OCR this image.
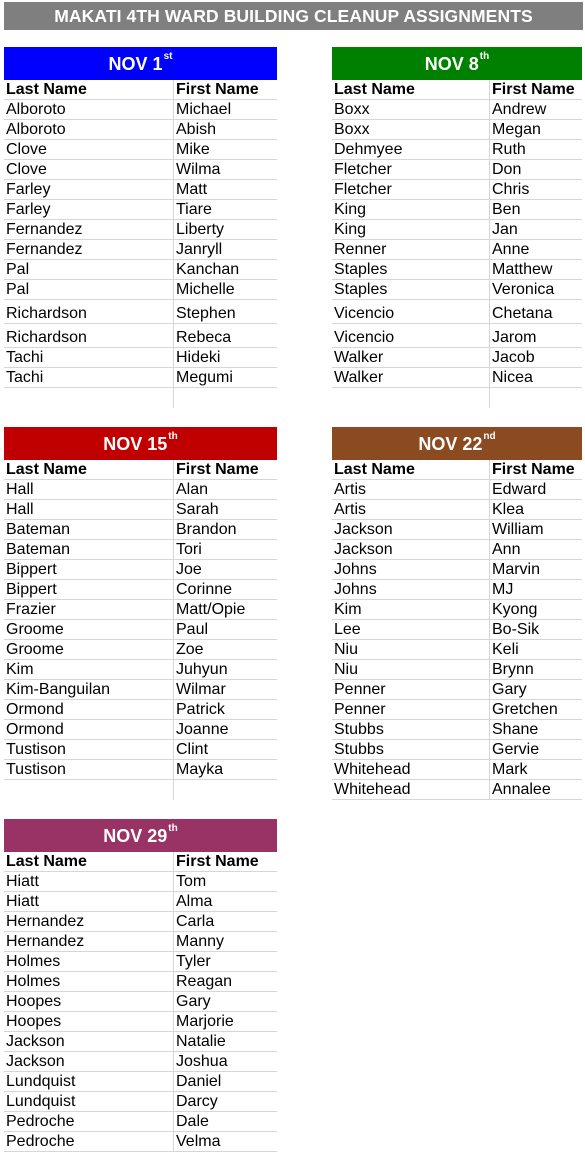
MAKATI 4TH WARD BUILDING CLEANUP ASSIGNMENTS
NOV 1st
Last Name	First Name
Alboroto	Michael
Alboroto	Abish
Clove	Mike
Clove	Wilma
Farley	Matt
Farley	Tiare
Fernandez	Liberty
Fernandez	Janryll
Pal	Kanchan
Pal	Michelle
Richardson	Stephen
Richardson	Rebeca
Tachi	Hideki
Tachi	Megumi
NOV 8th
Last Name	First Name
Boxx	Andrew
Boxx	Megan
Dehmyee	Ruth
Fletcher	Don
Fletcher	Chris
King	Ben
King	Jan
Renner	Anne
Staples	Matthew
Staples	Veronica
Vicencio	Chetana
Vicencio	Jarom
Walker	Jacob
Walker	Nicea
NOV 15th
Last Name	First Name
Hall	Alan
Hall	Sarah
Bateman	Brandon
Bateman	Tori
Bippert	Joe
Bippert	Corinne
Frazier	Matt/Opie
Groome	Paul
Groome	Zoe
Kim	Juhyun
Kim-Banguilan	Wilmar
Ormond	Patrick
Ormond	Joanne
Tustison	Clint
Tustison	Mayka
NOV 22nd
Last Name	First Name
Artis	Edward
Artis	Klea
Jackson	William
Jackson	Ann
Johns	Marvin
Johns	MJ
Kim	Kyong
Lee	Bo-Sik
Niu	Keli
Niu	Brynn
Penner	Gary
Penner	Gretchen
Stubbs	Shane
Stubbs	Gervie
Whitehead	Mark
Whitehead	Annalee
NOV 29th
Last Name	First Name
Hiatt	Tom
Hiatt	Alma
Hernandez	Carla
Hernandez	Manny
Holmes	Tyler
Holmes	Reagan
Hoopes	Gary
Hoopes	Marjorie
Jackson	Natalie
Jackson	Joshua
Lundquist	Daniel
Lundquist	Darcy
Pedroche	Dale
Pedroche	Velma
